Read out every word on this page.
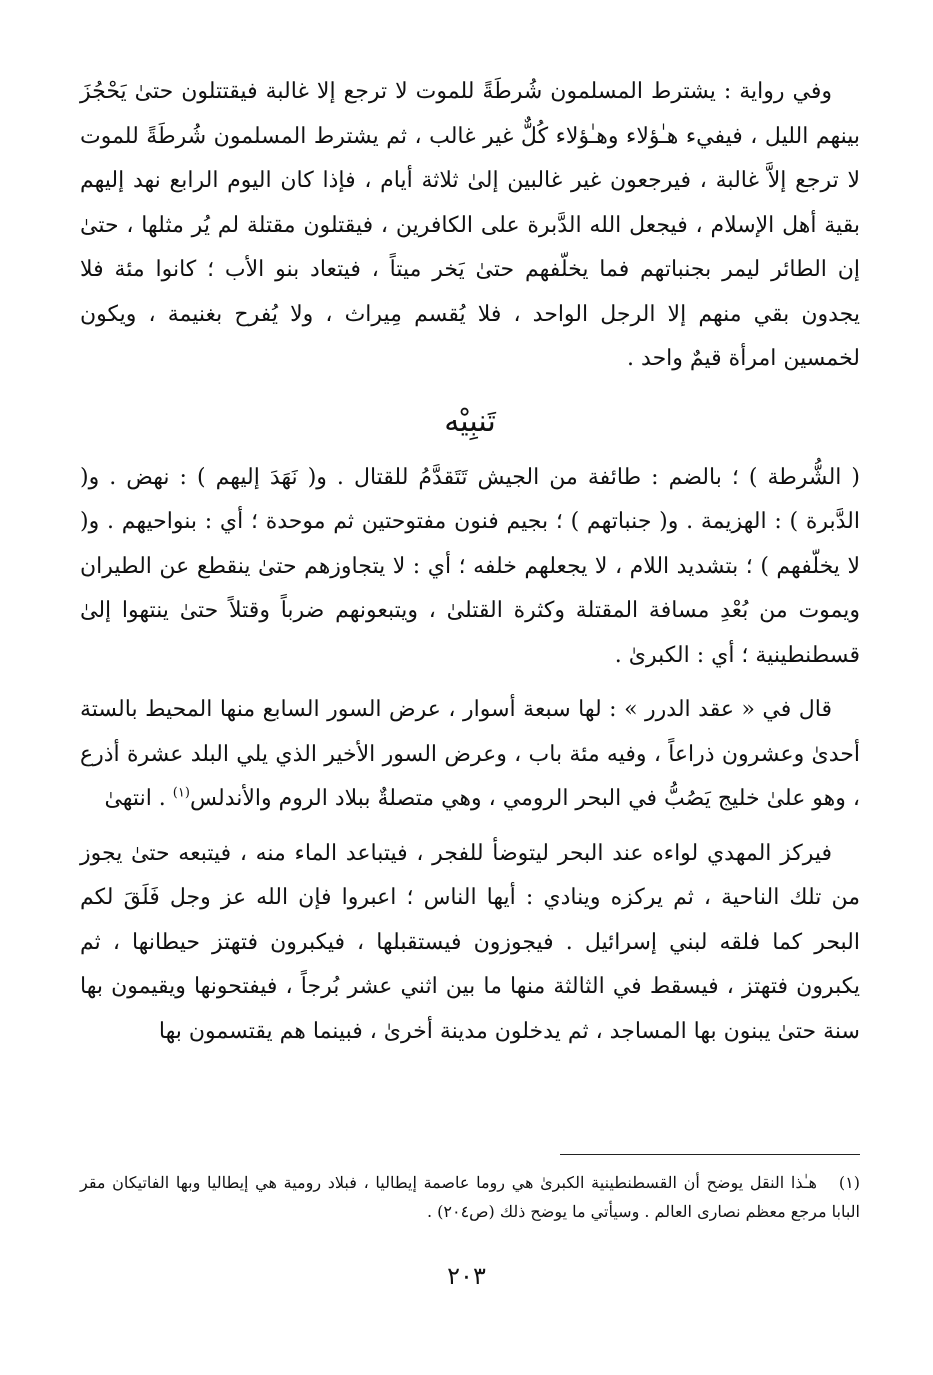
وفي رواية : يشترط المسلمون شُرطَةً للموت لا ترجع إلا غالبة فيقتتلون حتىٰ يَحْجُزَ بينهم الليل ، فيفيء هـٰؤلاء وهـٰؤلاء كُلٌّ غير غالب ، ثم يشترط المسلمون شُرطَةً للموت لا ترجع إلاَّ غالبة ، فيرجعون غير غالبين إلىٰ ثلاثة أيام ، فإذا كان اليوم الرابع نهد إليهم بقية أهل الإسلام ، فيجعل الله الدَّبرة على الكافرين ، فيقتلون مقتلة لم يُر مثلها ، حتىٰ إن الطائر ليمر بجنباتهم فما يخلّفهم حتىٰ يَخر ميتاً ، فيتعاد بنو الأب ؛ كانوا مئة فلا يجدون بقي منهم إلا الرجل الواحد ، فلا يُقسم مِيراث ، ولا يُفرح بغنيمة ، ويكون لخمسين امرأة قيمٌ واحد .

تَنبِيْه

( الشُّرطة ) ؛ بالضم : طائفة من الجيش تَتَقدَّمُ للقتال . و( نَهَدَ إليهم ) : نهض . و( الدَّبرة ) : الهزيمة . و( جنباتهم ) ؛ بجيم فنون مفتوحتين ثم موحدة ؛ أي : بنواحيهم . و( لا يخلّفهم ) ؛ بتشديد اللام ، لا يجعلهم خلفه ؛ أي : لا يتجاوزهم حتىٰ ينقطع عن الطيران ويموت من بُعْدِ مسافة المقتلة وكثرة القتلىٰ ، ويتبعونهم ضرباً وقتلاً حتىٰ ينتهوا إلىٰ قسطنطينية ؛ أي : الكبرىٰ .

قال في « عقد الدرر » : لها سبعة أسوار ، عرض السور السابع منها المحيط بالستة أحدىٰ وعشرون ذراعاً ، وفيه مئة باب ، وعرض السور الأخير الذي يلي البلد عشرة أذرع ، وهو علىٰ خليج يَصُبُّ في البحر الرومي ، وهي متصلةٌ ببلاد الروم والأندلس$^{(١)}$ . انتهىٰ

فيركز المهدي لواءه عند البحر ليتوضأ للفجر ، فيتباعد الماء منه ، فيتبعه حتىٰ يجوز من تلك الناحية ، ثم يركزه وينادي : أيها الناس ؛ اعبروا فإن الله عز وجل فَلَقَ لكم البحر كما فلقه لبني إسرائيل . فيجوزون فيستقبلها ، فيكبرون فتهتز حيطانها ، ثم يكبرون فتهتز ، فيسقط في الثالثة منها ما بين اثني عشر بُرجاً ، فيفتحونها ويقيمون بها سنة حتىٰ يبنون بها المساجد ، ثم يدخلون مدينة أخرىٰ ، فبينما هم يقتسمون بها

(١)هـٰذا النقل يوضح أن القسطنطينية الكبرىٰ هي روما عاصمة إيطاليا ، فبلاد رومية هي إيطاليا وبها الفاتيكان مقر البابا مرجع معظم نصارى العالم . وسيأتي ما يوضح ذلك (ص٢٠٤) .
٢٠٣
